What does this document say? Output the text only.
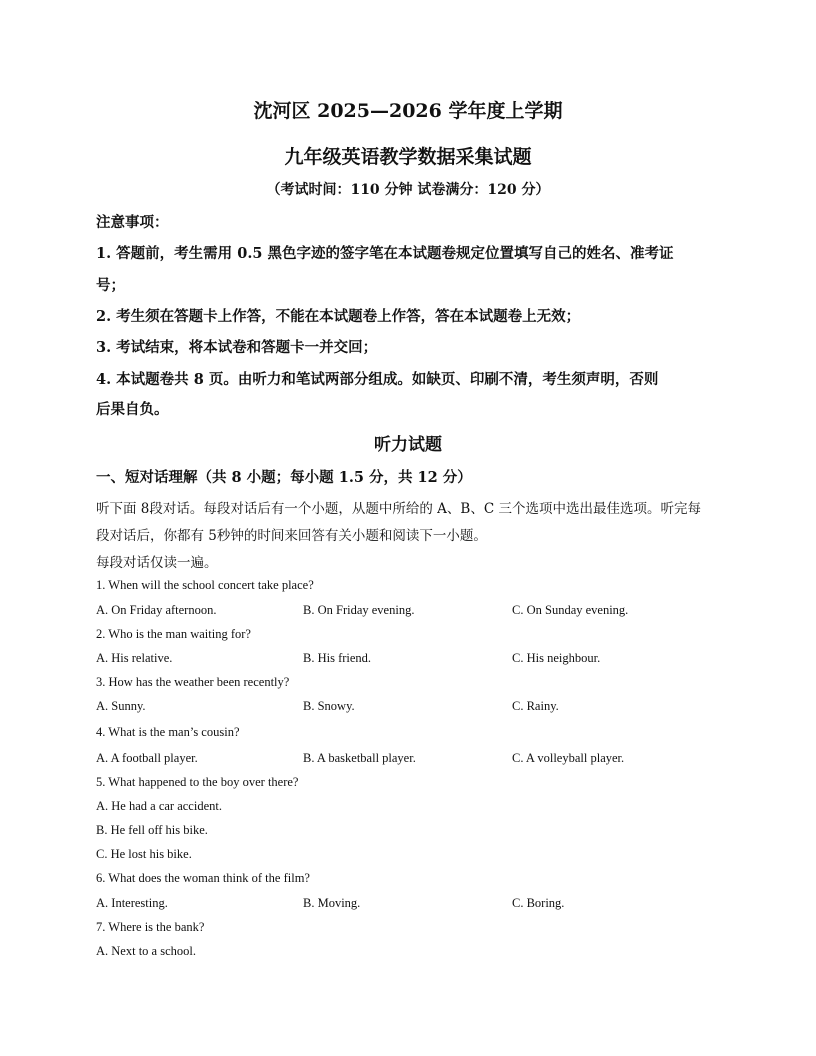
沈河区 2025—2026 学年度上学期
九年级英语教学数据采集试题
（考试时间：110 分钟 试卷满分：120 分）
注意事项：
1. 答题前，考生需用 0.5 黑色字迹的签字笔在本试题卷规定位置填写自己的姓名、准考证
号；
2. 考生须在答题卡上作答，不能在本试题卷上作答，答在本试题卷上无效；
3. 考试结束，将本试卷和答题卡一并交回；
4. 本试题卷共 8 页。由听力和笔试两部分组成。如缺页、印刷不清，考生须声明，否则
后果自负。
听力试题
一、短对话理解（共 8 小题；每小题 1.5 分，共 12 分）
听下面 8段对话。每段对话后有一个小题，从题中所给的 A、B、C 三个选项中选出最佳选项。听完每
段对话后，你都有 5秒钟的时间来回答有关小题和阅读下一小题。
每段对话仅读一遍。
1. When will the school concert take place?
A. On Friday afternoon.	B. On Friday evening.	C. On Sunday evening.
2. Who is the man waiting for?
A. His relative.	B. His friend.	C. His neighbour.
3. How has the weather been recently?
A. Sunny.	B. Snowy.	C. Rainy.
4. What is the man’s cousin?
A. A football player.	B. A basketball player.	C. A volleyball player.
5. What happened to the boy over there?
A. He had a car accident.
B. He fell off his bike.
C. He lost his bike.
6. What does the woman think of the film?
A. Interesting.	B. Moving.	C. Boring.
7. Where is the bank?
A. Next to a school.
